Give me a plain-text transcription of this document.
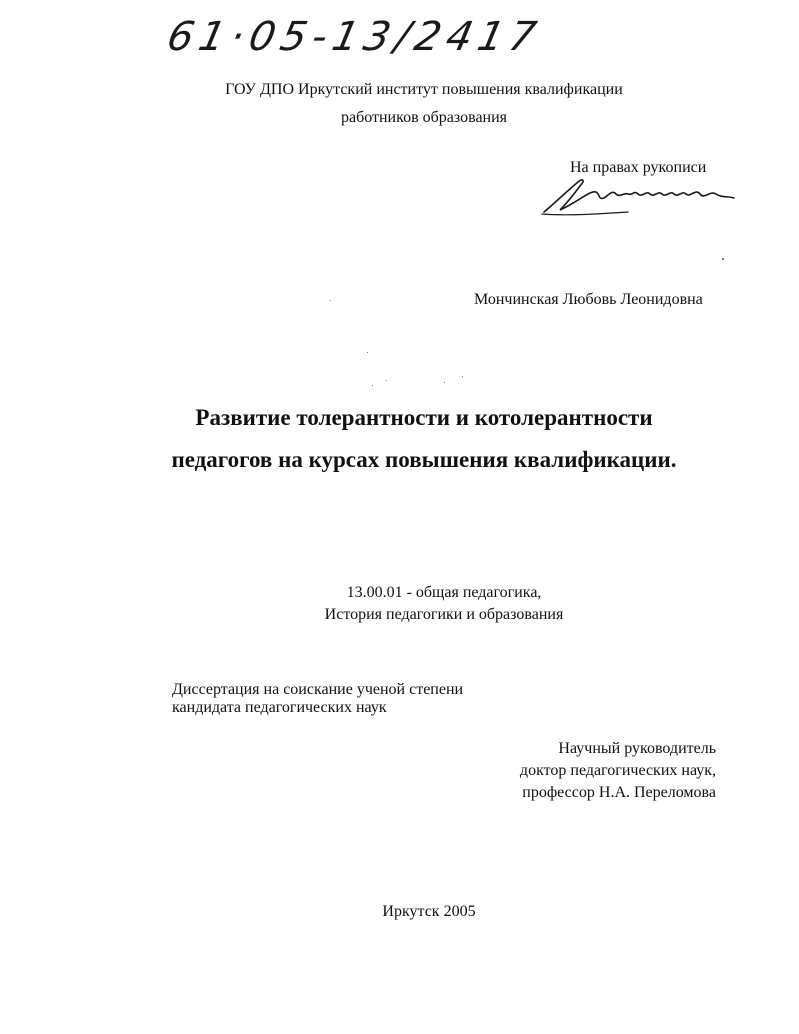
61·05-13/2417
ГОУ ДПО Иркутский институт повышения квалификации
работников образования
На правах рукописи
Мончинская Любовь Леонидовна
Развитие толерантности и котолерантности
педагогов на курсах повышения квалификации.
13.00.01 - общая педагогика,
История педагогики и образования
Диссертация на соискание ученой степени
кандидата педагогических наук
Научный руководитель
доктор педагогических наук,
профессор Н.А. Переломова
Иркутск 2005
